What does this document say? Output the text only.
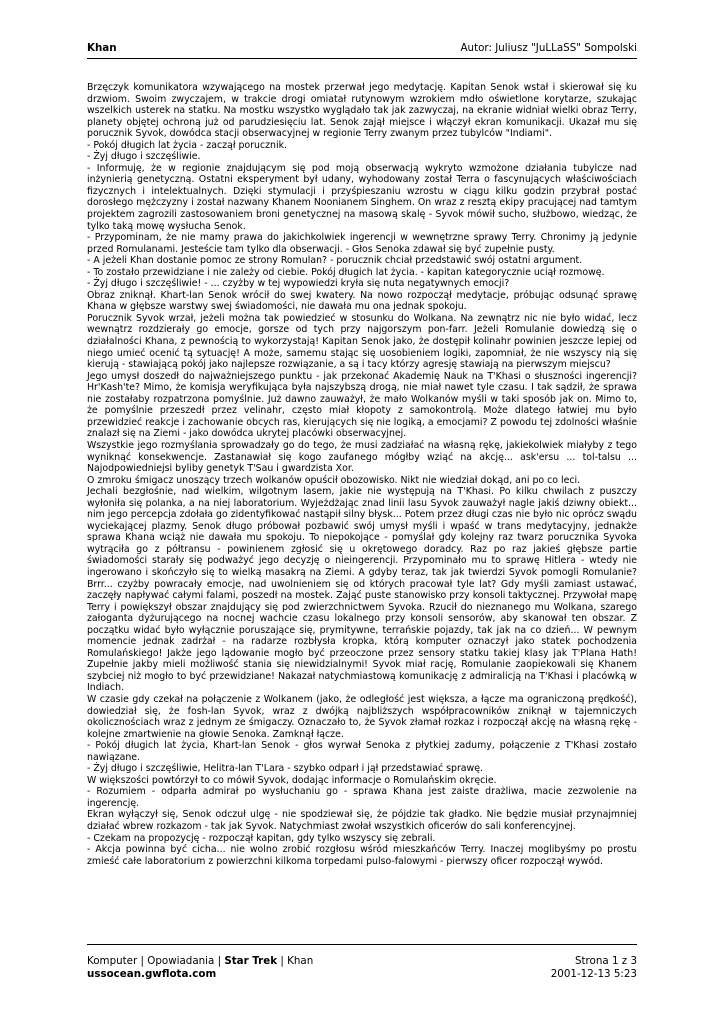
Khan	Autor: Juliusz "JuLLaSS" Sompolski

Brzęczyk komunikatora wzywającego na mostek przerwał jego medytację. Kapitan Senok wstał i skierował się ku drzwiom. Swoim zwyczajem, w trakcie drogi omiatał rutynowym wzrokiem mdło oświetlone korytarze, szukając wszelkich usterek na statku. Na mostku wszystko wyglądało tak jak zazwyczaj, na ekranie widniał wielki obraz Terry, planety objętej ochroną już od parudziesięciu lat. Senok zajął miejsce i włączył ekran komunikacji. Ukazał mu się porucznik Syvok, dowódca stacji obserwacyjnej w regionie Terry zwanym przez tubylców "Indiami".

- Pokój długich lat życia - zaczął porucznik.

- Żyj długo i szczęśliwie.

- Informuję, że w regionie znajdującym się pod moją obserwacją wykryto wzmożone działania tubylcze nad inżynierią genetyczną. Ostatni eksperyment był udany, wyhodowany został Terra o fascynujących właściwościach fizycznych i intelektualnych. Dzięki stymulacji i przyśpieszaniu wzrostu w ciągu kilku godzin przybrał postać dorosłego mężczyzny i został nazwany Khanem Noonianem Singhem. On wraz z resztą ekipy pracującej nad tamtym projektem zagrozili zastosowaniem broni genetycznej na masową skalę - Syvok mówił sucho, służbowo, wiedząc, że tylko taką mowę wysłucha Senok.

- Przypominam, że nie mamy prawa do jakichkolwiek ingerencji w wewnętrzne sprawy Terry. Chronimy ją jedynie przed Romulanami. Jesteście tam tylko dla obserwacji. - Głos Senoka zdawał się być zupełnie pusty.

- A jeżeli Khan dostanie pomoc ze strony Romulan? - porucznik chciał przedstawić swój ostatni argument.

- To zostało przewidziane i nie zależy od ciebie. Pokój długich lat życia. - kapitan kategorycznie uciął rozmowę.

- Żyj długo i szczęśliwie! - ... czyżby w tej wypowiedzi kryła się nuta negatywnych emocji?

Obraz zniknął. Khart-lan Senok wrócił do swej kwatery. Na nowo rozpoczął medytacje, próbując odsunąć sprawę Khana w głębsze warstwy swej świadomości, nie dawała mu ona jednak spokoju.

Porucznik Syvok wrzał, jeżeli można tak powiedzieć w stosunku do Wolkana. Na zewnątrz nic nie było widać, lecz wewnątrz rozdzierały go emocje, gorsze od tych przy najgorszym pon-farr. Jeżeli Romulanie dowiedzą się o działalności Khana, z pewnością to wykorzystają! Kapitan Senok jako, że dostępił kolinahr powinien jeszcze lepiej od niego umieć ocenić tą sytuację! A może, samemu stając się uosobieniem logiki, zapomniał, że nie wszyscy nią się kierują - stawiającą pokój jako najlepsze rozwiązanie, a są i tacy którzy agresję stawiają na pierwszym miejscu?

Jego umysł doszedł do najważniejszego punktu - jak przekonać Akademię Nauk na T'Khasi o słuszności ingerencji? Hr'Kash'te? Mimo, że komisja weryfikująca była najszybszą drogą, nie miał nawet tyle czasu. I tak sądził, że sprawa nie zostałaby rozpatrzona pomyślnie. Już dawno zauważył, że mało Wolkanów myśli w taki sposób jak on. Mimo to, że pomyślnie przeszedł przez velinahr, często miał kłopoty z samokontrolą. Może dlatego łatwiej mu było przewidzieć reakcje i zachowanie obcych ras, kierujących się nie logiką, a emocjami? Z powodu tej zdolności właśnie znalazł się na Ziemi - jako dowódca ukrytej placówki obserwacyjnej.

Wszystkie jego rozmyślania sprowadzały go do tego, że musi zadziałać na własną rękę, jakiekolwiek miałyby z tego wyniknąć konsekwencje. Zastanawiał się kogo zaufanego mógłby wziąć na akcję... ask'ersu ... tol-talsu ... Najodpowiedniejsi byliby genetyk T'Sau i gwardzista Xor.

O zmroku śmigacz unoszący trzech wolkanów opuścił obozowisko. Nikt nie wiedział dokąd, ani po co leci.

Jechali bezgłośnie, nad wielkim, wilgotnym lasem, jakie nie występują na T'Khasi. Po kilku chwilach z puszczy wyłoniła się polanka, a na niej laboratorium. Wyjeżdżając znad linii lasu Syvok zauważył nagle jakiś dziwny obiekt... nim jego percepcja zdołała go zidentyfikować nastąpił silny błysk... Potem przez długi czas nie było nic oprócz swądu wyciekającej plazmy. Senok długo próbował pozbawić swój umysł myśli i wpaść w trans medytacyjny, jednakże sprawa Khana wciąż nie dawała mu spokoju. To niepokojące - pomyślał gdy kolejny raz twarz porucznika Syvoka wytrąciła go z półtransu - powinienem zgłosić się u okrętowego doradcy. Raz po raz jakieś głębsze partie świadomości starały się podważyć jego decyzję o nieingerencji. Przypominało mu to sprawę Hitlera - wtedy nie ingerowano i skończyło się to wielką masakrą na Ziemi. A gdyby teraz, tak jak twierdzi Syvok pomogli Romulanie? Brrr... czyżby powracały emocje, nad uwolnieniem się od których pracował tyle lat? Gdy myśli zamiast ustawać, zaczęły napływać całymi falami, poszedł na mostek. Zająć puste stanowisko przy konsoli taktycznej. Przywołał mapę Terry i powiększył obszar znajdujący się pod zwierzchnictwem Syvoka. Rzucił do nieznanego mu Wolkana, szarego załoganta dyżurującego na nocnej wachcie czasu lokalnego przy konsoli sensorów, aby skanował ten obszar. Z początku widać było wyłącznie poruszające się, prymitywne, terrańskie pojazdy, tak jak na co dzień... W pewnym momencie jednak zadrżał - na radarze rozbłysła kropka, którą komputer oznaczył jako statek pochodzenia Romulańskiego! Jakże jego lądowanie mogło być przeoczone przez sensory statku takiej klasy jak T'Plana Hath! Zupełnie jakby mieli możliwość stania się niewidzialnymi! Syvok miał rację, Romulanie zaopiekowali się Khanem szybciej niż mogło to być przewidziane! Nakazał natychmiastową komunikację z admiralicją na T'Khasi i placówką w Indiach.

W czasie gdy czekał na połączenie z Wolkanem (jako, że odległość jest większa, a łącze ma ograniczoną prędkość), dowiedział się, że fosh-lan Syvok, wraz z dwójką najbliższych współpracowników zniknął w tajemniczych okolicznościach wraz z jednym ze śmigaczy. Oznaczało to, że Syvok złamał rozkaz i rozpoczął akcję na własną rękę - kolejne zmartwienie na głowie Senoka. Zamknął łącze.

- Pokój długich lat życia, Khart-lan Senok - głos wyrwał Senoka z płytkiej zadumy, połączenie z T'Khasi zostało nawiązane.

- Żyj długo i szczęśliwie, Helitra-lan T'Lara - szybko odparł i jął przedstawiać sprawę.

W większości powtórzył to co mówił Syvok, dodając informacje o Romulańskim okręcie.

- Rozumiem - odparła admirał po wysłuchaniu go - sprawa Khana jest zaiste drażliwa, macie zezwolenie na ingerencję.

Ekran wyłączył się, Senok odczuł ulgę - nie spodziewał się, że pójdzie tak gładko. Nie będzie musiał przynajmniej działać wbrew rozkazom - tak jak Syvok. Natychmiast zwołał wszystkich oficerów do sali konferencyjnej.

- Czekam na propozycję - rozpoczął kapitan, gdy tylko wszyscy się zebrali.

- Akcja powinna być cicha... nie wolno zrobić rozgłosu wśród mieszkańców Terry. Inaczej moglibyśmy po prostu zmieść całe laboratorium z powierzchni kilkoma torpedami pulso-falowymi - pierwszy oficer rozpoczął wywód.

Komputer | Opowiadania | Star Trek | Khan
ussocean.gwflota.com
Strona 1 z 3
2001-12-13 5:23
